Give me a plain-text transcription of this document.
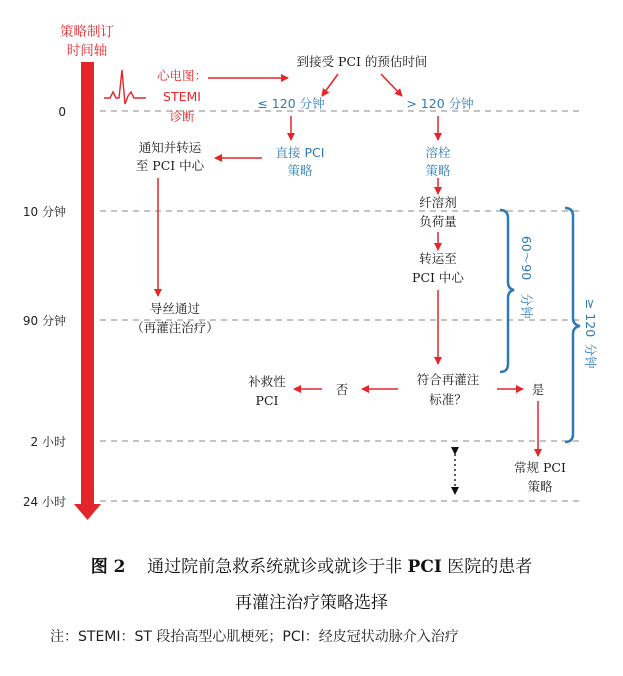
策略制订
时间轴
0
10 分钟
90 分钟
2 小时
24 小时
心电图：
STEMI
诊断
到接受 PCI 的预估时间
≤ 120 分钟	> 120 分钟
直接 PCI
策略
通知并转运
至 PCI 中心
导丝通过
（再灌注治疗）
溶栓
策略
纤溶剂
负荷量
转运至
PCI 中心
符合再灌注
标准？
否
补救性
PCI
是
常规 PCI
策略
60～90
分钟	≥ 120
分钟
图 2 通过院前急救系统就诊或就诊于非 PCI 医院的患者
再灌注治疗策略选择
注：STEMI：ST 段抬高型心肌梗死；PCI：经皮冠状动脉介入治疗
